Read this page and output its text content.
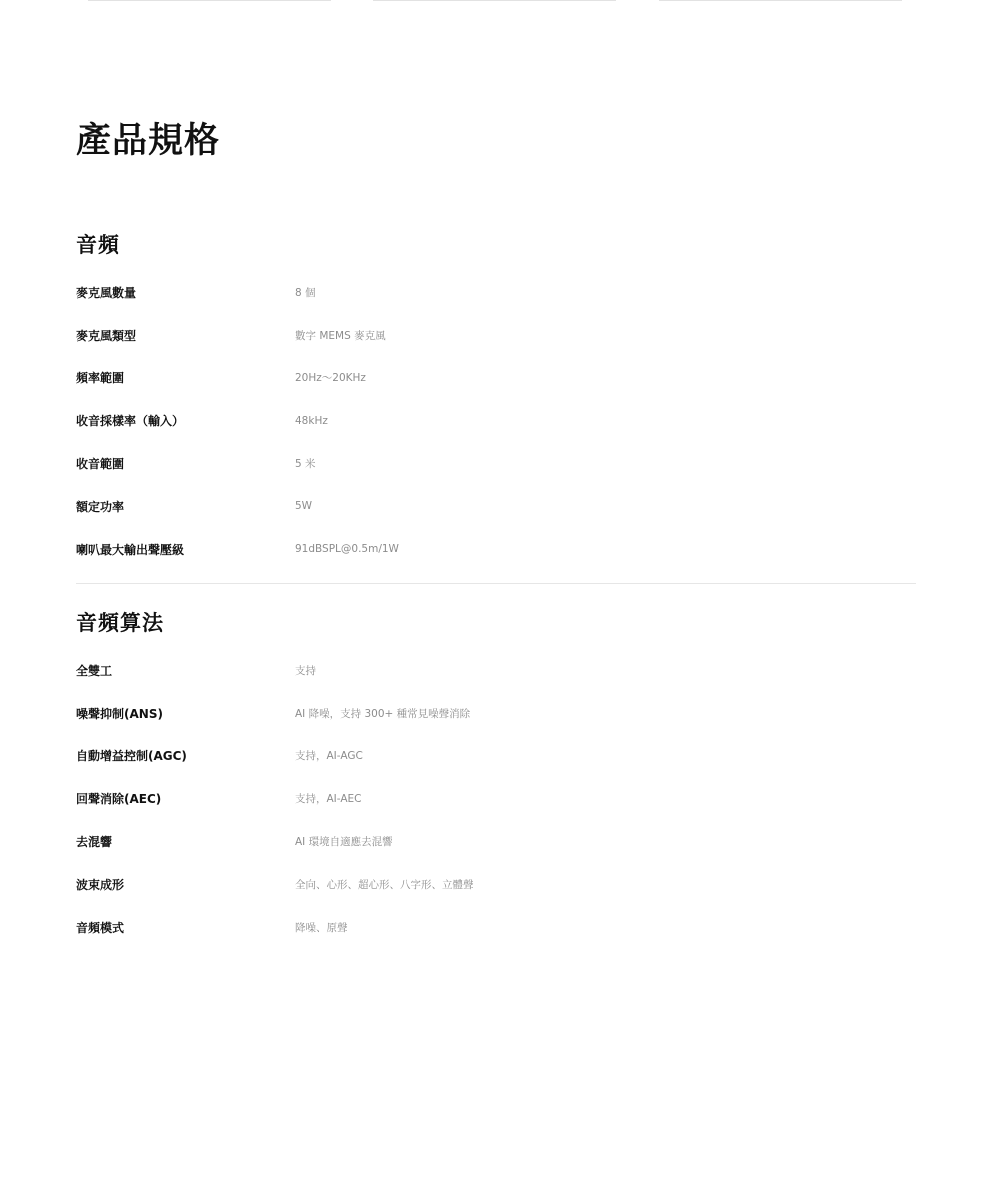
產品規格
音頻
麥克風數量	8 個
麥克風類型	數字 MEMS 麥克風
頻率範圍	20Hz～20KHz
收音採樣率（輸入）	48kHz
收音範圍	5 米
額定功率	5W
喇叭最大輸出聲壓級	91dBSPL@0.5m/1W
音頻算法
全雙工	支持
噪聲抑制(ANS)	AI 降噪，支持 300+ 種常見噪聲消除
自動增益控制(AGC)	支持，AI-AGC
回聲消除(AEC)	支持，AI-AEC
去混響	AI 環境自適應去混響
波束成形	全向、心形、超心形、八字形、立體聲
音頻模式	降噪、原聲
